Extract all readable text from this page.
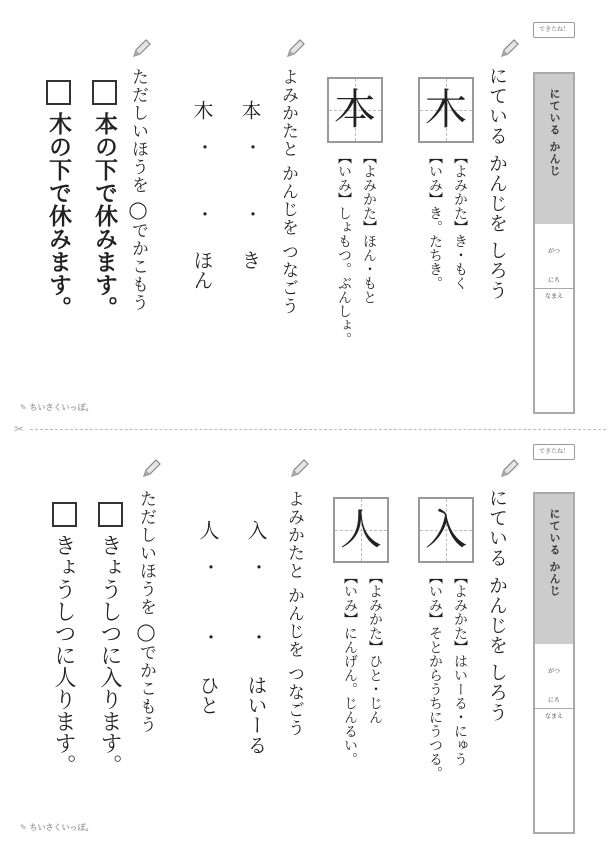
できたね！
にている かんじ
がつ
にち
なまえ
にている かんじを しろう
木
【よみかた】き・もく
【いみ】き。たちき。
本
【よみかた】ほん・もと
【いみ】しょもつ。ぶんしょ。
よみかたと かんじを つなごう
本
・
・
き
木
・
・
ほん
ただしいほうを ◯でかこもう
本の下で休みます。
木の下で休みます。
✎ ちいさくいっぽ。
✂
できたね！
にている かんじ
がつ
にち
なまえ
にている かんじを しろう
入
【よみかた】はいーる・にゅう
【いみ】そとからうちにうつる。
人
【よみかた】ひと・じん
【いみ】にんげん。じんるい。
よみかたと かんじを つなごう
入
・
・
はいーる
人
・
・
ひと
ただしいほうを ◯でかこもう
きょうしつに入ります。
きょうしつに人ります。
✎ ちいさくいっぽ。
